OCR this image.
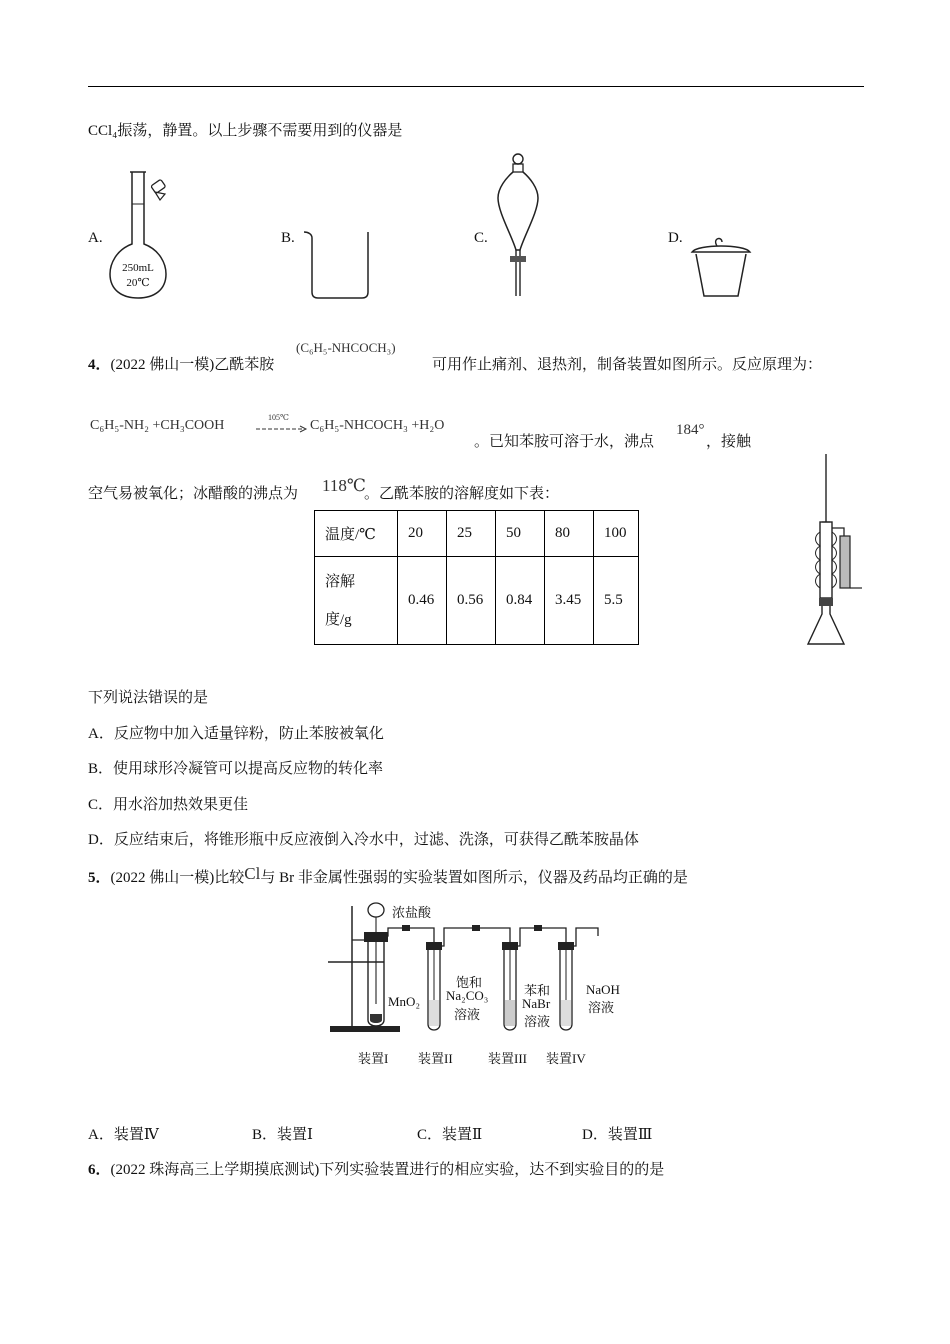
CCl₄振荡，静置。以上步骤不需要用到的仪器是
A.	B.	C.	D.
250mL
20℃
4．(2022 佛山一模)乙酰苯胺
(C₆H₅-NHCOCH₃)
可用作止痛剂、退热剂，制备装置如图所示。反应原理为：
C₆H₅-NH₂ +CH₃COOH
105℃
→ C₆H₅-NHCOCH₃ +H₂O
。已知苯胺可溶于水，沸点
184°
，接触
空气易被氧化；冰醋酸的沸点为 118℃
。乙酰苯胺的溶解度如下表：
温度/℃	20	25	50	80	100

溶解
度/g	0.46	0.56	0.84	3.45	5.5
下列说法错误的是
A．反应物中加入适量锌粉，防止苯胺被氧化
B．使用球形冷凝管可以提高反应物的转化率
C．用水浴加热效果更佳
D．反应结束后，将锥形瓶中反应液倒入冷水中，过滤、洗涤，可获得乙酰苯胺晶体
5．(2022 佛山一模)比较Cl与 Br 非金属性强弱的实验装置如图所示，仪器及药品均正确的是
浓盐酸
MnO₂
饱和
Na₂CO₃
溶液
苯和
NaBr
溶液
NaOH
溶液
装置I 装置II	装置III 装置IV
A．装置Ⅳ	B．装置Ⅰ	C．装置Ⅱ	D．装置Ⅲ
6．(2022 珠海高三上学期摸底测试)下列实验装置进行的相应实验，达不到实验目的的是
